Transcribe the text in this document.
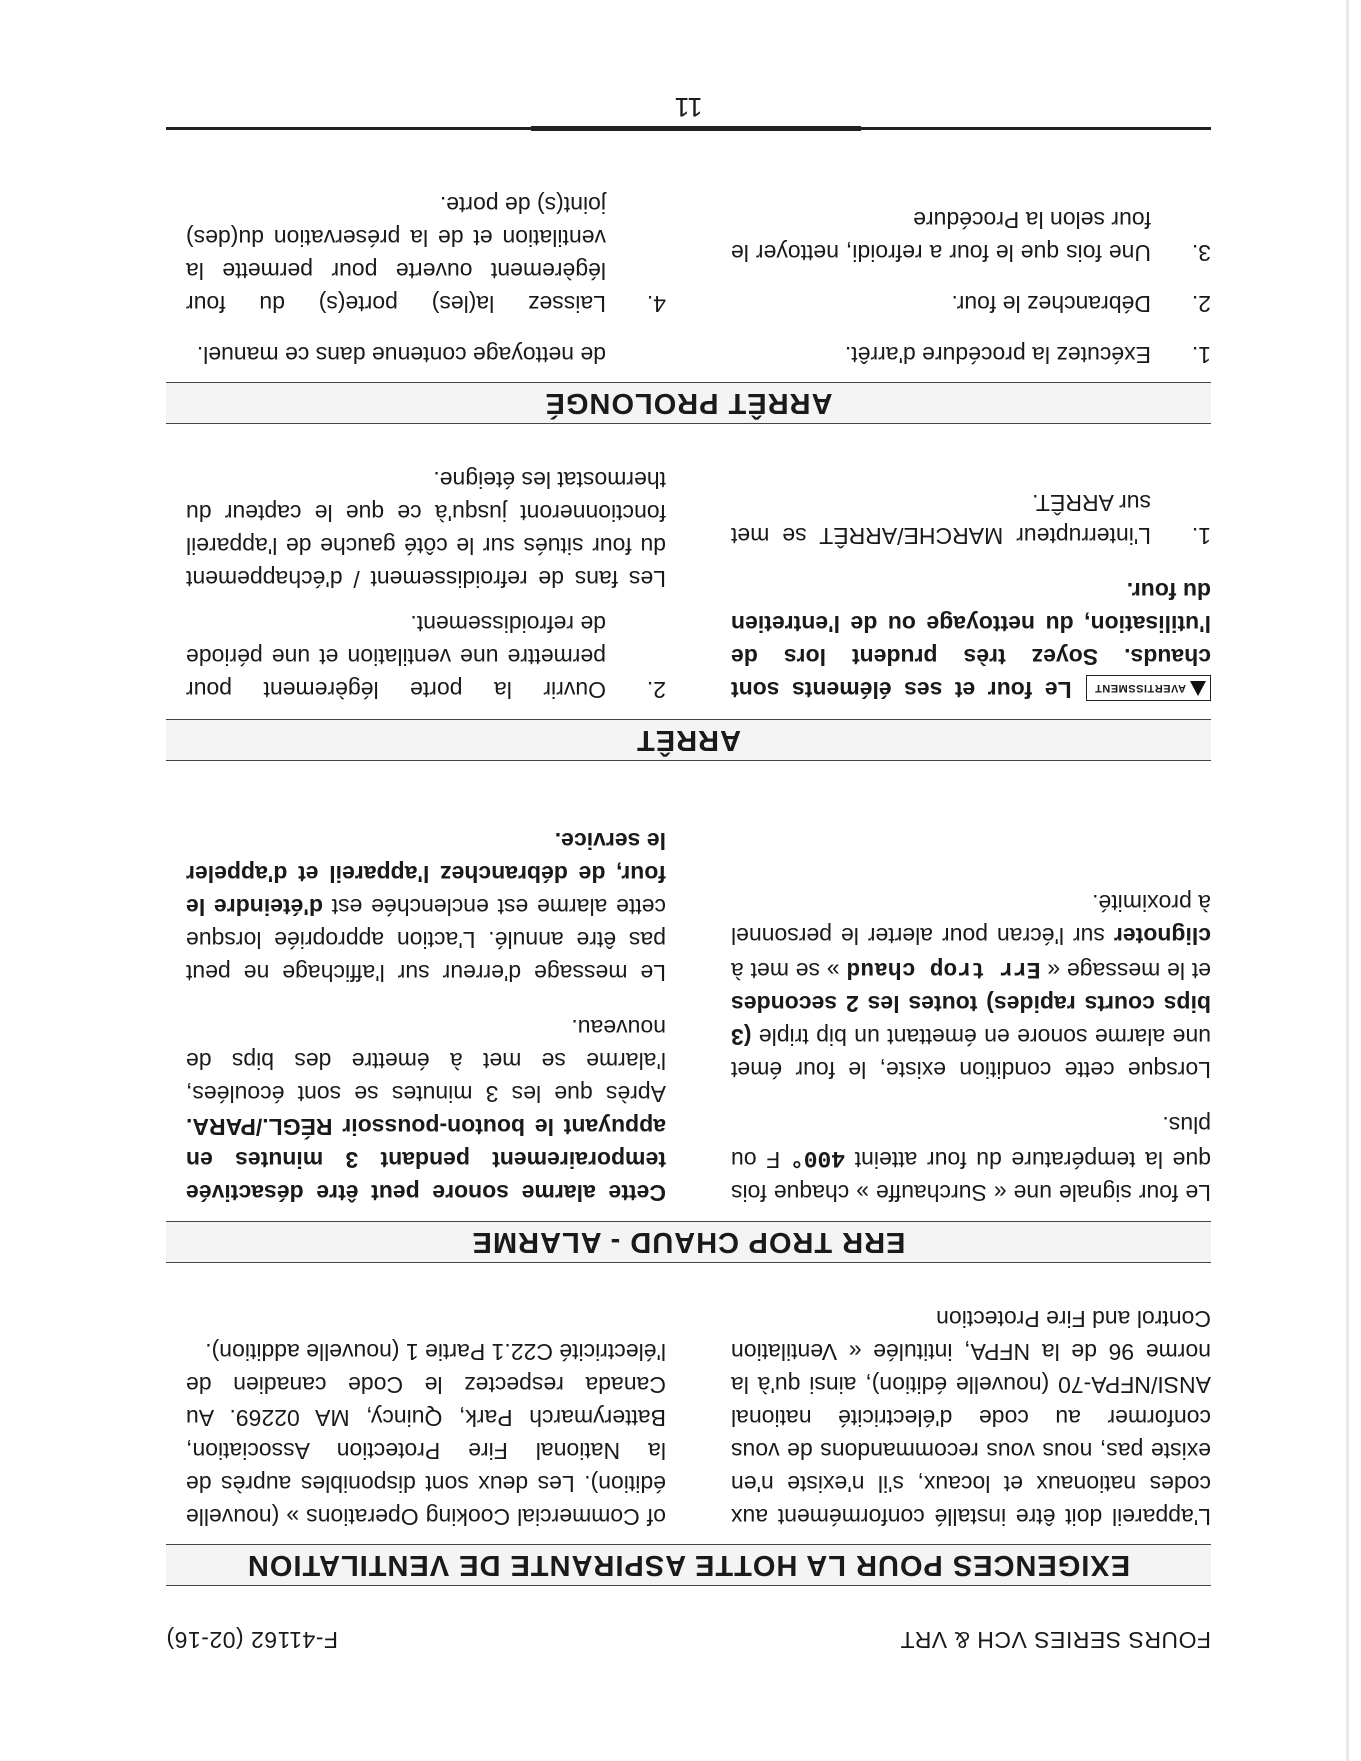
FOURS SERIES VCH & VRT
F-41162 (02-16)
EXIGENCES POUR LA HOTTE ASPIRANTE DE VENTILATION

L'appareil doit être installé conformément aux codes nationaux et locaux, s'il n'existe n'en existe pas, nous vous recommandons de vous conformer au code d'électricité national ANSI/NFPA-70 (nouvelle édition), ainsi qu'à la norme 96 de la NFPA, intitulée « Ventilation Control and Fire Protection

of Commercial Cooking Operations » (nouvelle édition). Les deux sont disponibles auprès de la National Fire Protection Association, Batterymarch Park, Quincy, MA 02269. Au Canada respectez le Code canadien de l'électricité C22.1 Partie 1 (nouvelle addition).

ERR TROP CHAUD - ALARME

Le four signale une « Surchauffe » chaque fois que la température du four atteint 400° F ou plus.

Lorsque cette condition existe, le four émet une alarme sonore en émettant un bip triple (3 bips courts rapides) toutes les 2 secondes et le message « Err trop chaud » se met à clignoter sur l'écran pour alerter le personnel à proximité.

Cette alarme sonore peut être désactivée temporairement pendant 3 minutes en appuyant le bouton-poussoir RÉGL./PARA. Après que les 3 minutes se sont écoulées, l'alarme se met à émettre des bips de nouveau.

Le message d'erreur sur l'affichage ne peut pas être annulé. L'action appropriée lorsque cette alarme est enclenchée est d'éteindre le four, de débranchez l'appareil et d'appeler le service.

ARRÊT

AVERTISSMENTLe four et ses éléments sont chauds. Soyez très prudent lors de l'utilisation, du nettoyage ou de l'entretien du four.

1.
L'interrupteur MARCHE/ARRÊT se met sur ARRÊT.

2.
Ouvrir la porte légèrement pour permettre une ventilation et une période de refroidissement.

Les fans de refroidissement / d'échappement du four situés sur le côté gauche de l'appareil fonctionneront jusqu'à ce que le capteur du thermostat les éteigne.

ARRÊT PROLONGÉ

1.
Exécutez la procédure d'arrêt.

2.
Débranchez le four.

3.
Une fois que le four a refroidi, nettoyer le four selon la Procédure

de nettoyage contenue dans ce manuel.

4.
Laissez la(les) porte(s) du four légèrement ouverte pour permette la ventilation et de la préservation du(des) joint(s) de porte.

11
